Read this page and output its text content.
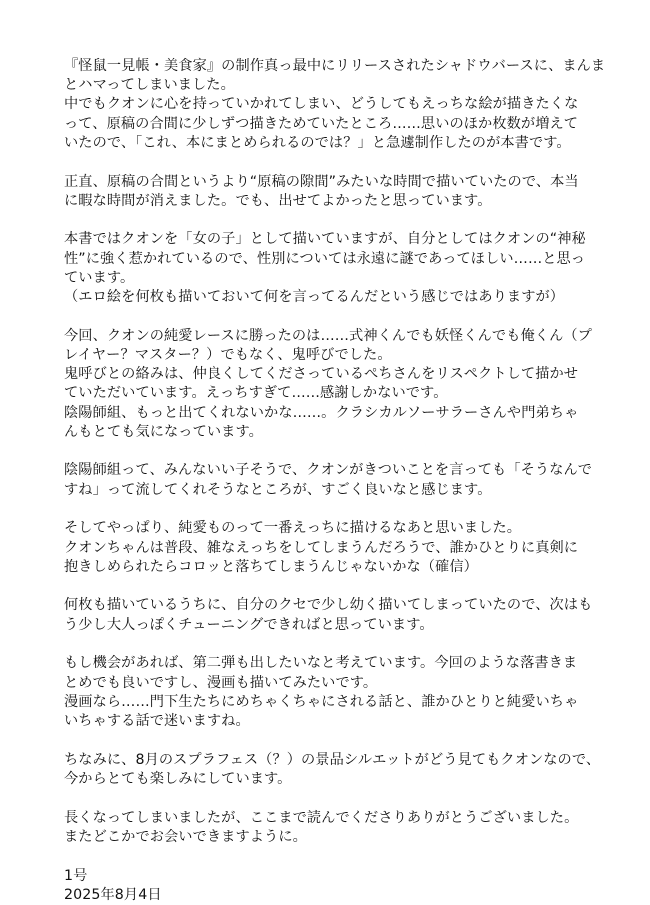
『怪鼠一見帳・美食家』の制作真っ最中にリリースされたシャドウバースに、まんま
とハマってしまいました。
中でもクオンに心を持っていかれてしまい、どうしてもえっちな絵が描きたくな
って、原稿の合間に少しずつ描きためていたところ……思いのほか枚数が増えて
いたので、「これ、本にまとめられるのでは？」と急遽制作したのが本書です。

正直、原稿の合間というより“原稿の隙間”みたいな時間で描いていたので、本当
に暇な時間が消えました。でも、出せてよかったと思っています。

本書ではクオンを「女の子」として描いていますが、自分としてはクオンの“神秘
性”に強く惹かれているので、性別については永遠に謎であってほしい……と思っ
ています。
（エロ絵を何枚も描いておいて何を言ってるんだという感じではありますが）

今回、クオンの純愛レースに勝ったのは……式神くんでも妖怪くんでも俺くん（プ
レイヤー？マスター？）でもなく、鬼呼びでした。
鬼呼びとの絡みは、仲良くしてくださっているぺちさんをリスペクトして描かせ
ていただいています。えっちすぎて……感謝しかないです。
陰陽師組、もっと出てくれないかな……。クラシカルソーサラーさんや門弟ちゃ
んもとても気になっています。

陰陽師組って、みんないい子そうで、クオンがきついことを言っても「そうなんで
すね」って流してくれそうなところが、すごく良いなと感じます。

そしてやっぱり、純愛ものって一番えっちに描けるなあと思いました。
クオンちゃんは普段、雑なえっちをしてしまうんだろうで、誰かひとりに真剣に
抱きしめられたらコロッと落ちてしまうんじゃないかな（確信）

何枚も描いているうちに、自分のクセで少し幼く描いてしまっていたので、次はも
う少し大人っぽくチューニングできればと思っています。

もし機会があれば、第二弾も出したいなと考えています。今回のような落書きま
とめでも良いですし、漫画も描いてみたいです。
漫画なら……門下生たちにめちゃくちゃにされる話と、誰かひとりと純愛いちゃ
いちゃする話で迷いますね。

ちなみに、8月のスプラフェス（？）の景品シルエットがどう見てもクオンなので、
今からとても楽しみにしています。

長くなってしまいましたが、ここまで読んでくださりありがとうございました。
またどこかでお会いできますように。

1号
2025年8月4日
